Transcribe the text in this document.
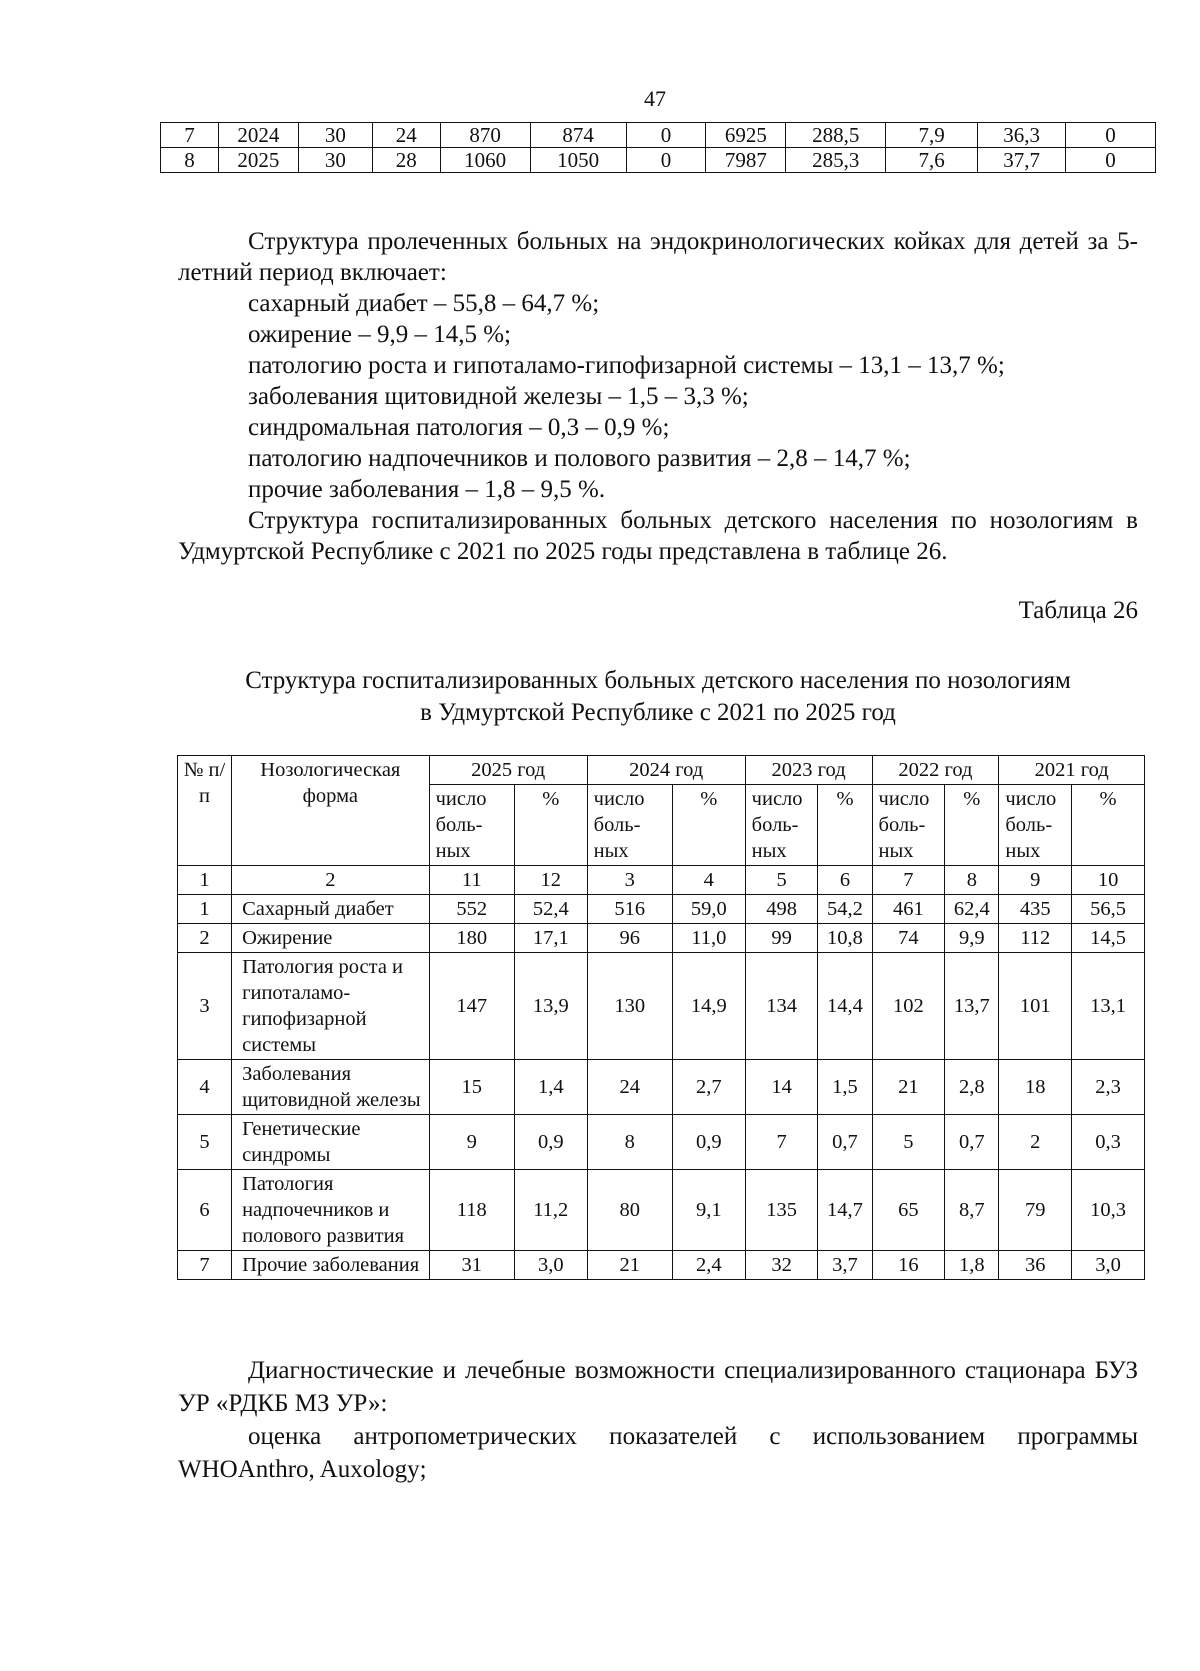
47
7	2024	30	24	870	874	0	6925	288,5	7,9	36,3	0
8	2025	30	28	1060	1050	0	7987	285,3	7,6	37,7	0
Структура пролеченных больных на эндокринологических койках для детей за 5-летний период включает:
сахарный диабет – 55,8 – 64,7 %;
ожирение – 9,9 – 14,5 %;
патологию роста и гипоталамо-гипофизарной системы – 13,1 – 13,7 %;
заболевания щитовидной железы – 1,5 – 3,3 %;
синдромальная патология – 0,3 – 0,9 %;
патологию надпочечников и полового развития – 2,8 – 14,7 %;
прочие заболевания – 1,8 – 9,5 %.
Структура госпитализированных больных детского населения по нозологиям в Удмуртской Республике с 2021 по 2025 годы представлена в таблице 26.
Таблица 26
Структура госпитализированных больных детского населения по нозологиям
в Удмуртской Республике с 2021 по 2025 год
№ п/п	Нозологическая форма	2025 год		2024 год		2023 год		2022 год		2021 год	
		число боль-ных	%	число боль-ных	%	число боль-ных	%	число боль-ных	%	число боль-ных	%
1	2	11	12	3	4	5	6	7	8	9	10
1	Сахарный диабет	552	52,4	516	59,0	498	54,2	461	62,4	435	56,5
2	Ожирение	180	17,1	96	11,0	99	10,8	74	9,9	112	14,5
3	Патология роста и гипоталамо-гипофизарной системы	147	13,9	130	14,9	134	14,4	102	13,7	101	13,1
4	Заболевания щитовидной железы	15	1,4	24	2,7	14	1,5	21	2,8	18	2,3
5	Генетические синдромы	9	0,9	8	0,9	7	0,7	5	0,7	2	0,3
6	Патология надпочечников и полового развития	118	11,2	80	9,1	135	14,7	65	8,7	79	10,3
7	Прочие заболевания	31	3,0	21	2,4	32	3,7	16	1,8	36	3,0
Диагностические и лечебные возможности специализированного стационара БУЗ УР «РДКБ МЗ УР»:
оценка антропометрических показателей с использованием программы WHOAnthro, Auxology;
